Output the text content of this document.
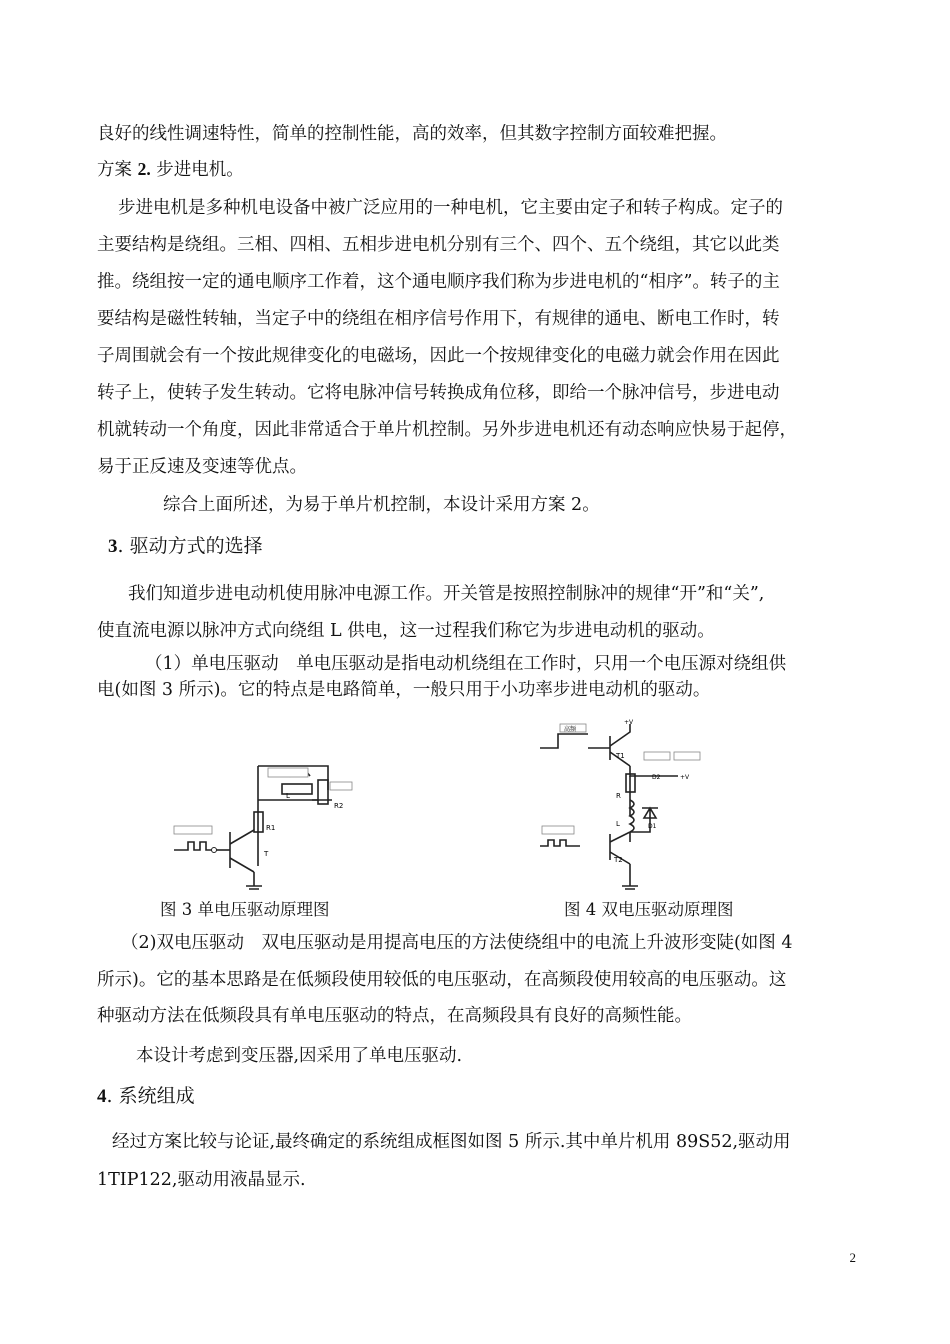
良好的线性调速特性，简单的控制性能，高的效率，但其数字控制方面较难把握。
方案 2. 步进电机。
步进电机是多种机电设备中被广泛应用的一种电机，它主要由定子和转子构成。定子的
主要结构是绕组。三相、四相、五相步进电机分别有三个、四个、五个绕组，其它以此类
推。绕组按一定的通电顺序工作着，这个通电顺序我们称为步进电机的“相序”。转子的主
要结构是磁性转轴，当定子中的绕组在相序信号作用下，有规律的通电、断电工作时，转
子周围就会有一个按此规律变化的电磁场，因此一个按规律变化的电磁力就会作用在因此
转子上，使转子发生转动。它将电脉冲信号转换成角位移，即给一个脉冲信号，步进电动
机就转动一个角度，因此非常适合于单片机控制。另外步进电机还有动态响应快易于起停，
易于正反速及变速等优点。
综合上面所述，为易于单片机控制，本设计采用方案 2。
3. 驱动方式的选择
我们知道步进电动机使用脉冲电源工作。开关管是按照控制脉冲的规律“开”和“关”,
使直流电源以脉冲方式向绕组 L 供电，这一过程我们称它为步进电动机的驱动。
（1）单电压驱动　单电压驱动是指电动机绕组在工作时，只用一个电压源对绕组供
电(如图 3 所示)。它的特点是电路简单，一般只用于小功率步进电动机的驱动。
L
R2
R1
T
高频
+V
T1
D2	+V
R
L	D1
T2
图 3 单电压驱动原理图	图 4 双电压驱动原理图
（2)双电压驱动　双电压驱动是用提高电压的方法使绕组中的电流上升波形变陡(如图 4
所示)。它的基本思路是在低频段使用较低的电压驱动，在高频段使用较高的电压驱动。这
种驱动方法在低频段具有单电压驱动的特点，在高频段具有良好的高频性能。
本设计考虑到变压器,因采用了单电压驱动.
4. 系统组成
经过方案比较与论证,最终确定的系统组成框图如图 5 所示.其中单片机用 89S52,驱动用
1TIP122,驱动用液晶显示.
2
